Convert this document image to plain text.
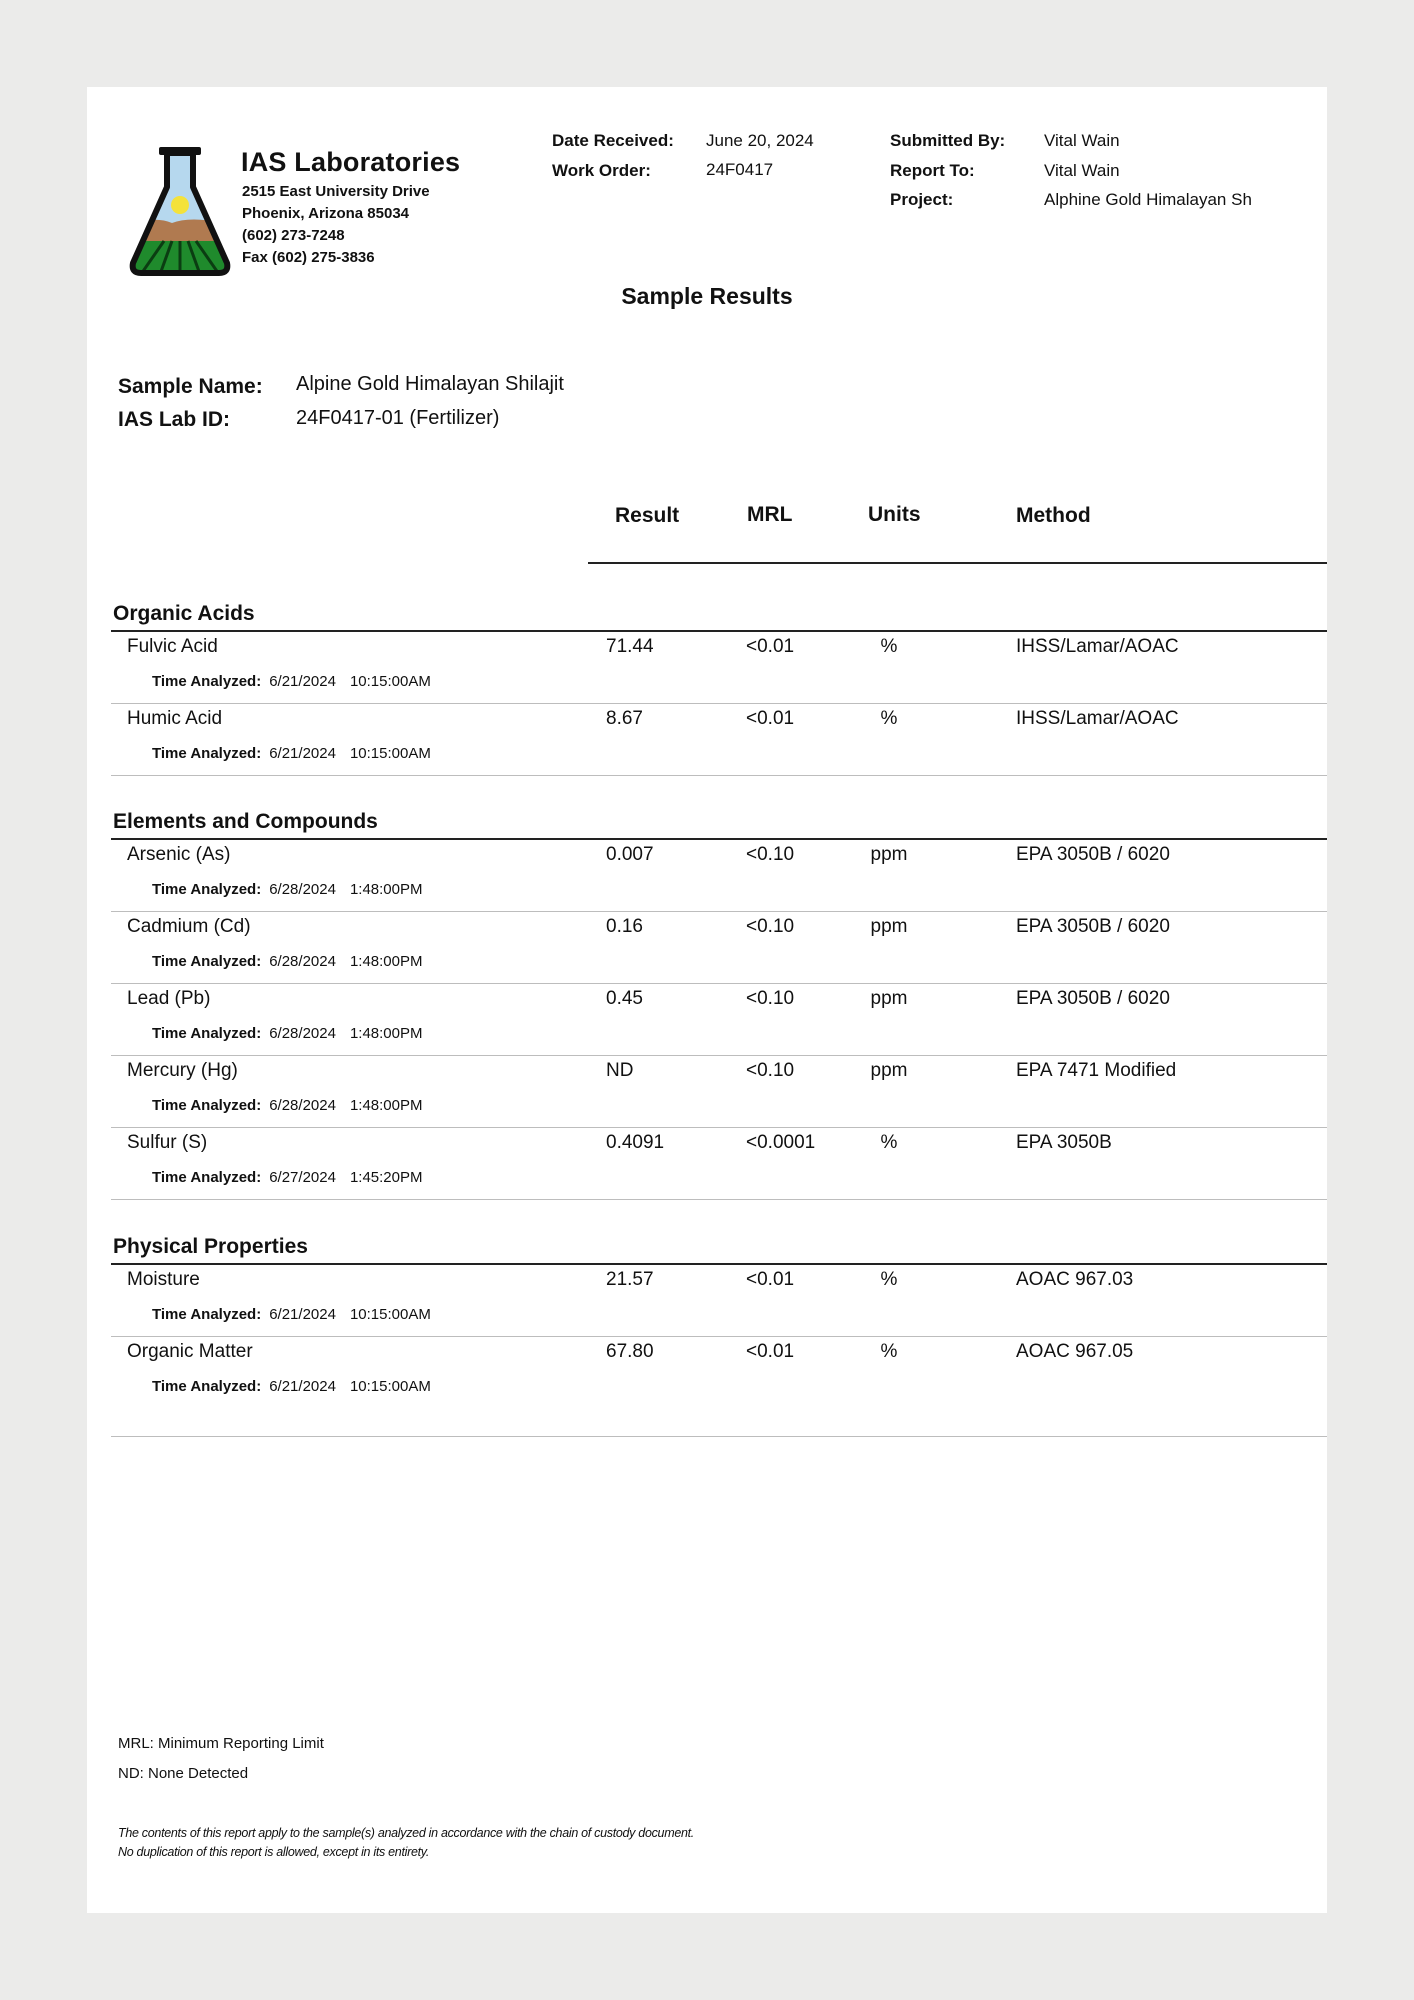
IAS Laboratories
2515 East University Drive
Phoenix, Arizona 85034
(602) 273-7248
Fax (602) 275-3836
Date Received: June 20, 2024
Work Order:	24F0417
Submitted By: Vital Wain
Report To:	Vital Wain
Project:	Alphine Gold Himalayan Sh
Sample Results
Sample Name: Alpine Gold Himalayan Shilajit
IAS Lab ID:	24F0417-01 (Fertilizer)
Result	MRL	Units	Method
Organic Acids
Fulvic Acid	71.44	<0.01	%	IHSS/Lamar/AOAC
Time Analyzed: 6/21/2024 10:15:00AM
Humic Acid	8.67	<0.01	%	IHSS/Lamar/AOAC
Time Analyzed: 6/21/2024 10:15:00AM
Elements and Compounds
Arsenic (As)	0.007	<0.10	ppm	EPA 3050B / 6020
Time Analyzed: 6/28/2024 1:48:00PM
Cadmium (Cd)	0.16	<0.10	ppm	EPA 3050B / 6020
Time Analyzed: 6/28/2024 1:48:00PM
Lead (Pb)	0.45	<0.10	ppm	EPA 3050B / 6020
Time Analyzed: 6/28/2024 1:48:00PM
Mercury (Hg)	ND	<0.10	ppm	EPA 7471 Modified
Time Analyzed: 6/28/2024 1:48:00PM
Sulfur (S)	0.4091	<0.0001	%	EPA 3050B
Time Analyzed: 6/27/2024 1:45:20PM
Physical Properties
Moisture	21.57	<0.01	%	AOAC 967.03
Time Analyzed: 6/21/2024 10:15:00AM
Organic Matter	67.80	<0.01	%	AOAC 967.05
Time Analyzed: 6/21/2024 10:15:00AM
MRL: Minimum Reporting Limit
ND: None Detected
The contents of this report apply to the sample(s) analyzed in accordance with the chain of custody document.
No duplication of this report is allowed, except in its entirety.
